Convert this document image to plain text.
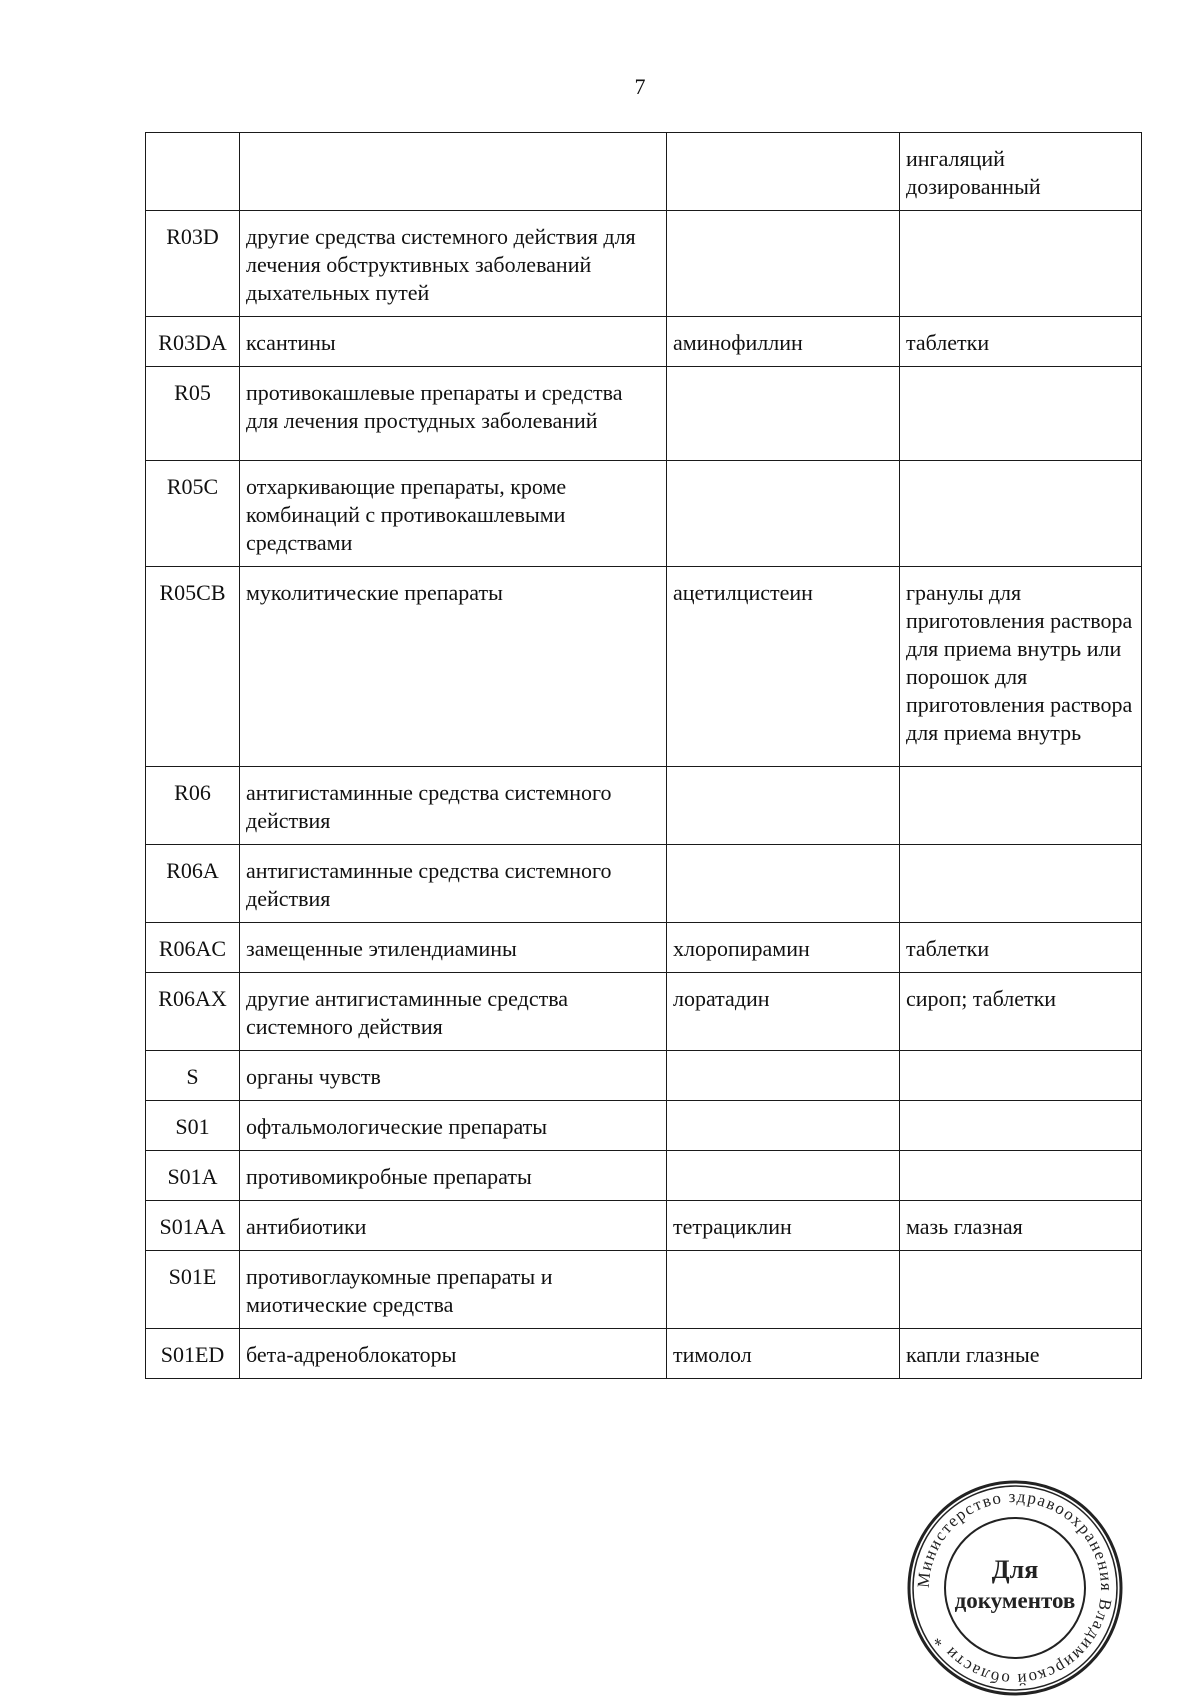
7
			ингаляций дозированный
R03D	другие средства системного действия для лечения обструктивных заболеваний дыхательных путей		
R03DA	ксантины	аминофиллин	таблетки
R05	противокашлевые препараты и средства для лечения простудных заболеваний		
R05C	отхаркивающие препараты, кроме комбинаций с противокашлевыми средствами		
R05CB	муколитические препараты	ацетилцистеин	гранулы для приготовления раствора для приема внутрь или порошок для приготовления раствора для приема внутрь
R06	антигистаминные средства системного действия		
R06A	антигистаминные средства системного действия		
R06AC	замещенные этилендиамины	хлоропирамин	таблетки
R06AX	другие антигистаминные средства системного действия	лоратадин	сироп; таблетки
S	органы чувств		
S01	офтальмологические препараты		
S01A	противомикробные препараты		
S01AA	антибиотики	тетрациклин	мазь глазная
S01E	противоглаукомные препараты и миотические средства		
S01ED	бета-адреноблокаторы	тимолол	капли глазные
Министерство здравоохранения Владимирской области *
Для
документов
